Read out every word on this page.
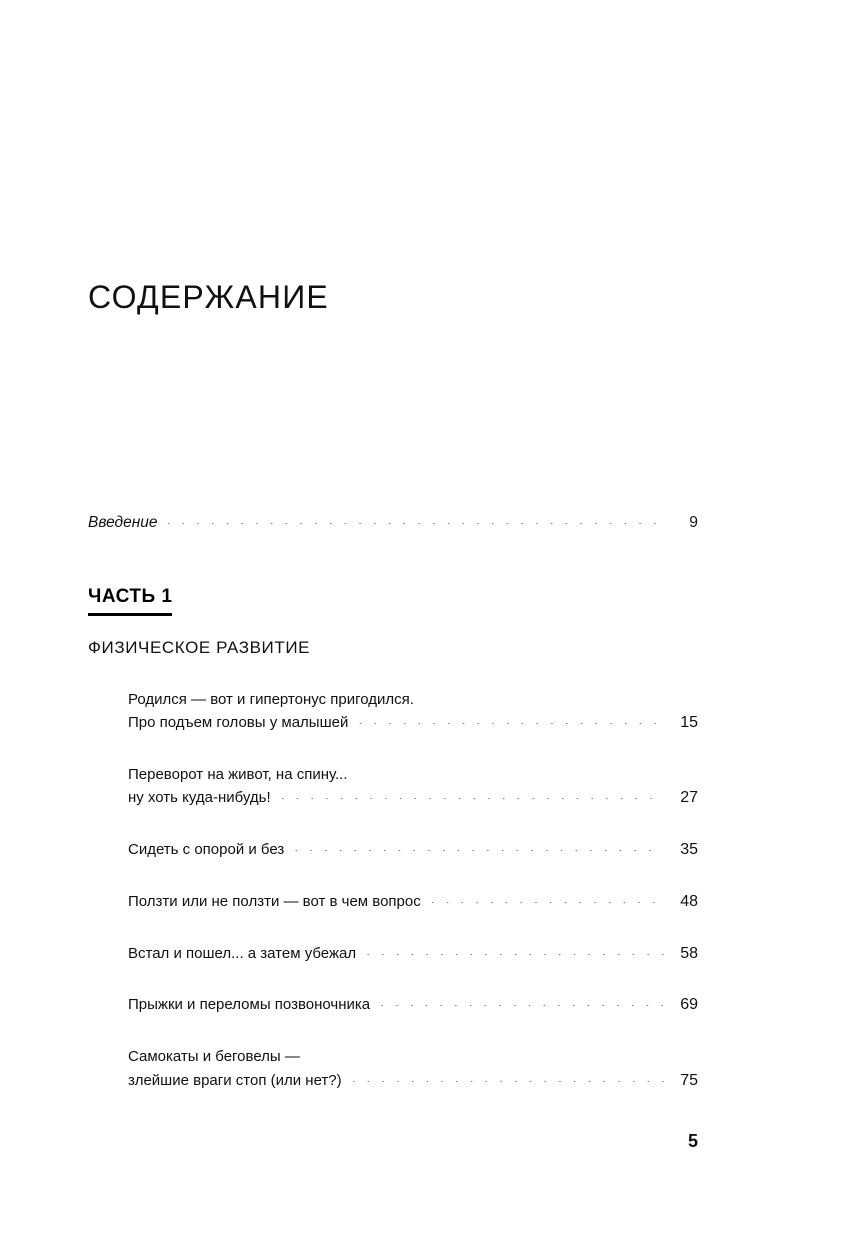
СОДЕРЖАНИЕ
Введение . . .	9
ЧАСТЬ 1
ФИЗИЧЕСКОЕ РАЗВИТИЕ
Родился — вот и гипертонус пригодился.
Про подъем головы у малышей . . .	15
Переворот на живот, на спину...
ну хоть куда-нибудь! . . .	27
Сидеть с опорой и без . . .	35
Ползти или не ползти — вот в чем вопрос . . .	48
Встал и пошел... а затем убежал . . .	58
Прыжки и переломы позвоночника . . .	69
Самокаты и беговелы —
злейшие враги стоп (или нет?) . . .	75
5
